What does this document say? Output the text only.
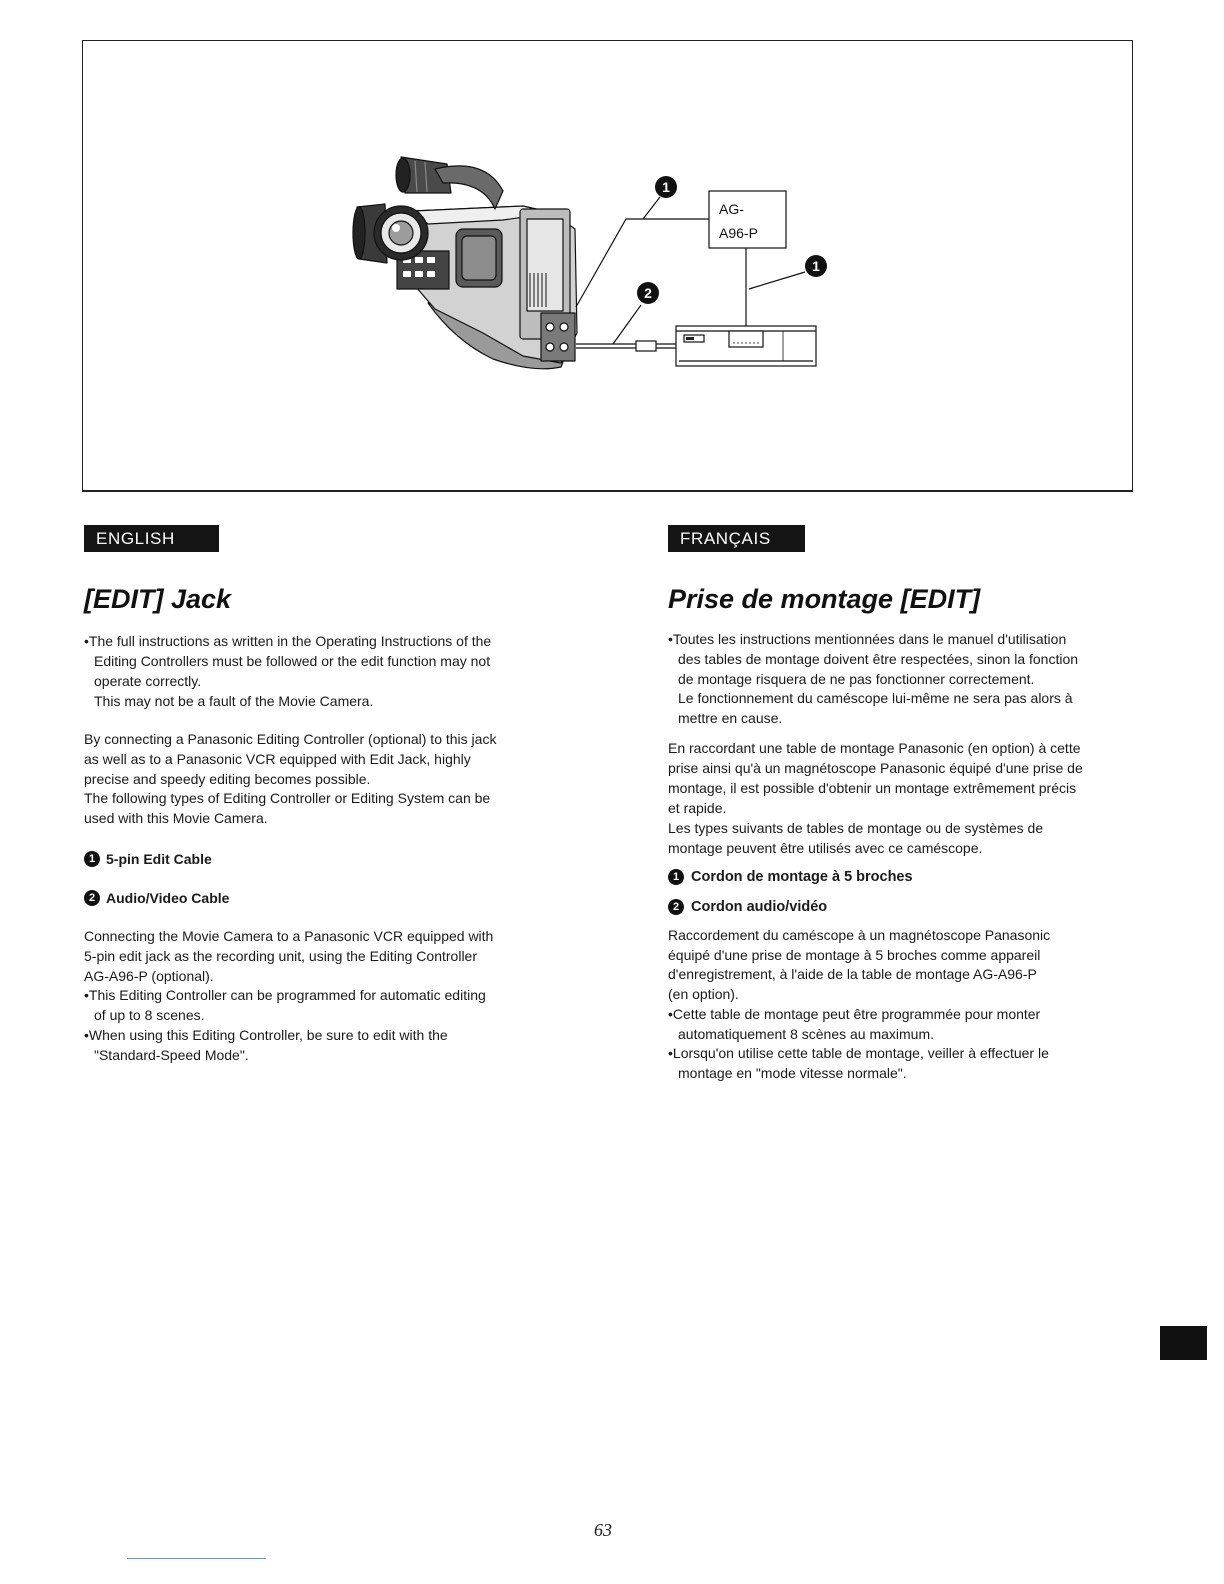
AG-
A96-P
1
1
2
ENGLISH
[EDIT] Jack
•The full instructions as written in the Operating Instructions of the
Editing Controllers must be followed or the edit function may not
operate correctly.
This may not be a fault of the Movie Camera.
By connecting a Panasonic Editing Controller (optional) to this jack
as well as to a Panasonic VCR equipped with Edit Jack, highly
precise and speedy editing becomes possible.
The following types of Editing Controller or Editing System can be
used with this Movie Camera.
1 5-pin Edit Cable
2 Audio/Video Cable
Connecting the Movie Camera to a Panasonic VCR equipped with
5-pin edit jack as the recording unit, using the Editing Controller
AG-A96-P (optional).
•This Editing Controller can be programmed for automatic editing
of up to 8 scenes.
•When using this Editing Controller, be sure to edit with the
"Standard-Speed Mode".
FRANÇAIS
Prise de montage [EDIT]
•Toutes les instructions mentionnées dans le manuel d'utilisation
des tables de montage doivent être respectées, sinon la fonction
de montage risquera de ne pas fonctionner correctement.
Le fonctionnement du caméscope lui-même ne sera pas alors à
mettre en cause.
En raccordant une table de montage Panasonic (en option) à cette
prise ainsi qu'à un magnétoscope Panasonic équipé d'une prise de
montage, il est possible d'obtenir un montage extrêmement précis
et rapide.
Les types suivants de tables de montage ou de systèmes de
montage peuvent être utilisés avec ce caméscope.
1 Cordon de montage à 5 broches
2 Cordon audio/vidéo
Raccordement du caméscope à un magnétoscope Panasonic
équipé d'une prise de montage à 5 broches comme appareil
d'enregistrement, à l'aide de la table de montage AG-A96-P
(en option).
•Cette table de montage peut être programmée pour monter
automatiquement 8 scènes au maximum.
•Lorsqu'on utilise cette table de montage, veiller à effectuer le
montage en "mode vitesse normale".
63
